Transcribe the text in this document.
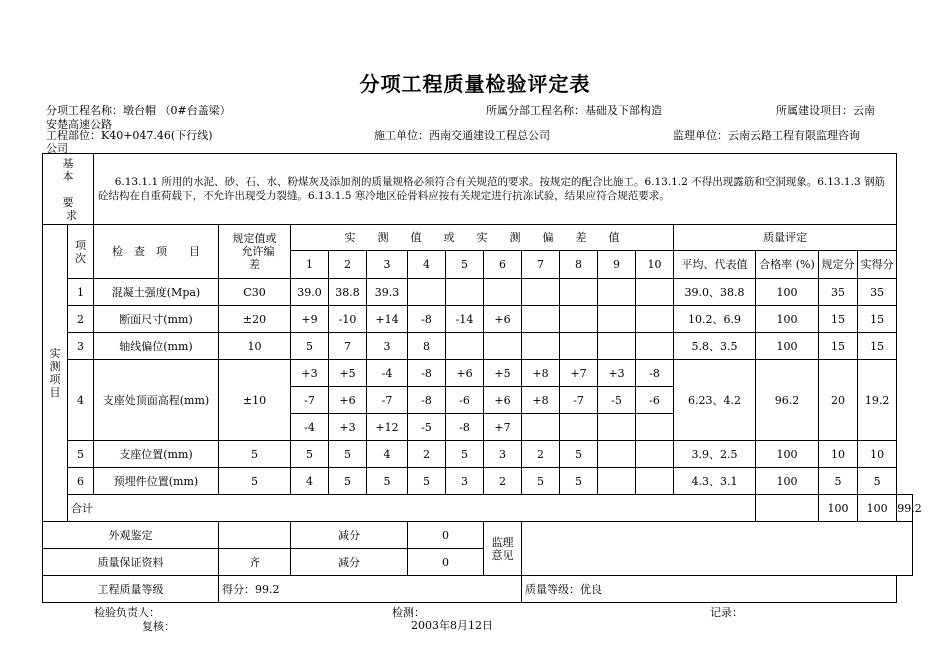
分项工程质量检验评定表
分项工程名称：墩台帽 （0#台盖梁）	所属分部工程名称：基础及下部构造	所属建设项目：云南
安楚高速公路
工程部位：K40+047.46(下行线)	施工单位：西南交通建设工程总公司	监理单位：云南云路工程有限监理咨询
公司
基
本

要
求		6.13.1.1 所用的水泥、砂、石、水、粉煤灰及添加剂的质量规格必须符合有关规范的要求。按规定的配合比施工。6.13.1.2 不得出现露筋和空洞现象。6.13.1.3 钢筋砼结构在自重荷载下，不允许出现受力裂缝。6.13.1.5 寒冷地区砼骨料应按有关规定进行抗冻试验，结果应符合规范要求。																
实
测
项
目	项
次	检　查　项　　目	规定值或
允许编
差	实　　测　　值　　或　　实　　测　　偏　　差　　值										质量评定				
				1	2	3	4	5	6	7	8	9	10	平均、代表值	合格率 (%)	规定分	实得分	
	1	混凝土强度(Mpa)	C30	39.0	38.8	39.3								39.0、38.8	100	35	35	
	2	断面尺寸(mm)	±20	+9	-10	+14	-8	-14	+6					10.2、6.9	100	15	15	
	3	轴线偏位(mm)	10	5	7	3	8							5.8、3.5	100	15	15	
	4	支座处顶面高程(mm)	±10	+3	+5	-4	-8	+6	+5	+8	+7	+3	-8	6.23、4.2	96.2	20	19.2	
				-7	+6	-7	-8	-6	+6	+8	-7	-5	-6					
				-4	+3	+12	-5	-8	+7									
	5	支座位置(mm)	5	5	5	4	2	5	3	2	5			3.9、2.5	100	10	10	
	6	预埋件位置(mm)	5	4	5	5	5	3	2	5	5			4.3、3.1	100	5	5	
	合计															100	100	99.2
外观鉴定				减分			0		监理
意见									
质量保证资料			齐	减分			0											
工程质量等级			得分：99.2							质量等级：优良								
检验负责人：	检测：	记录：
复核：	2003年8月12日
